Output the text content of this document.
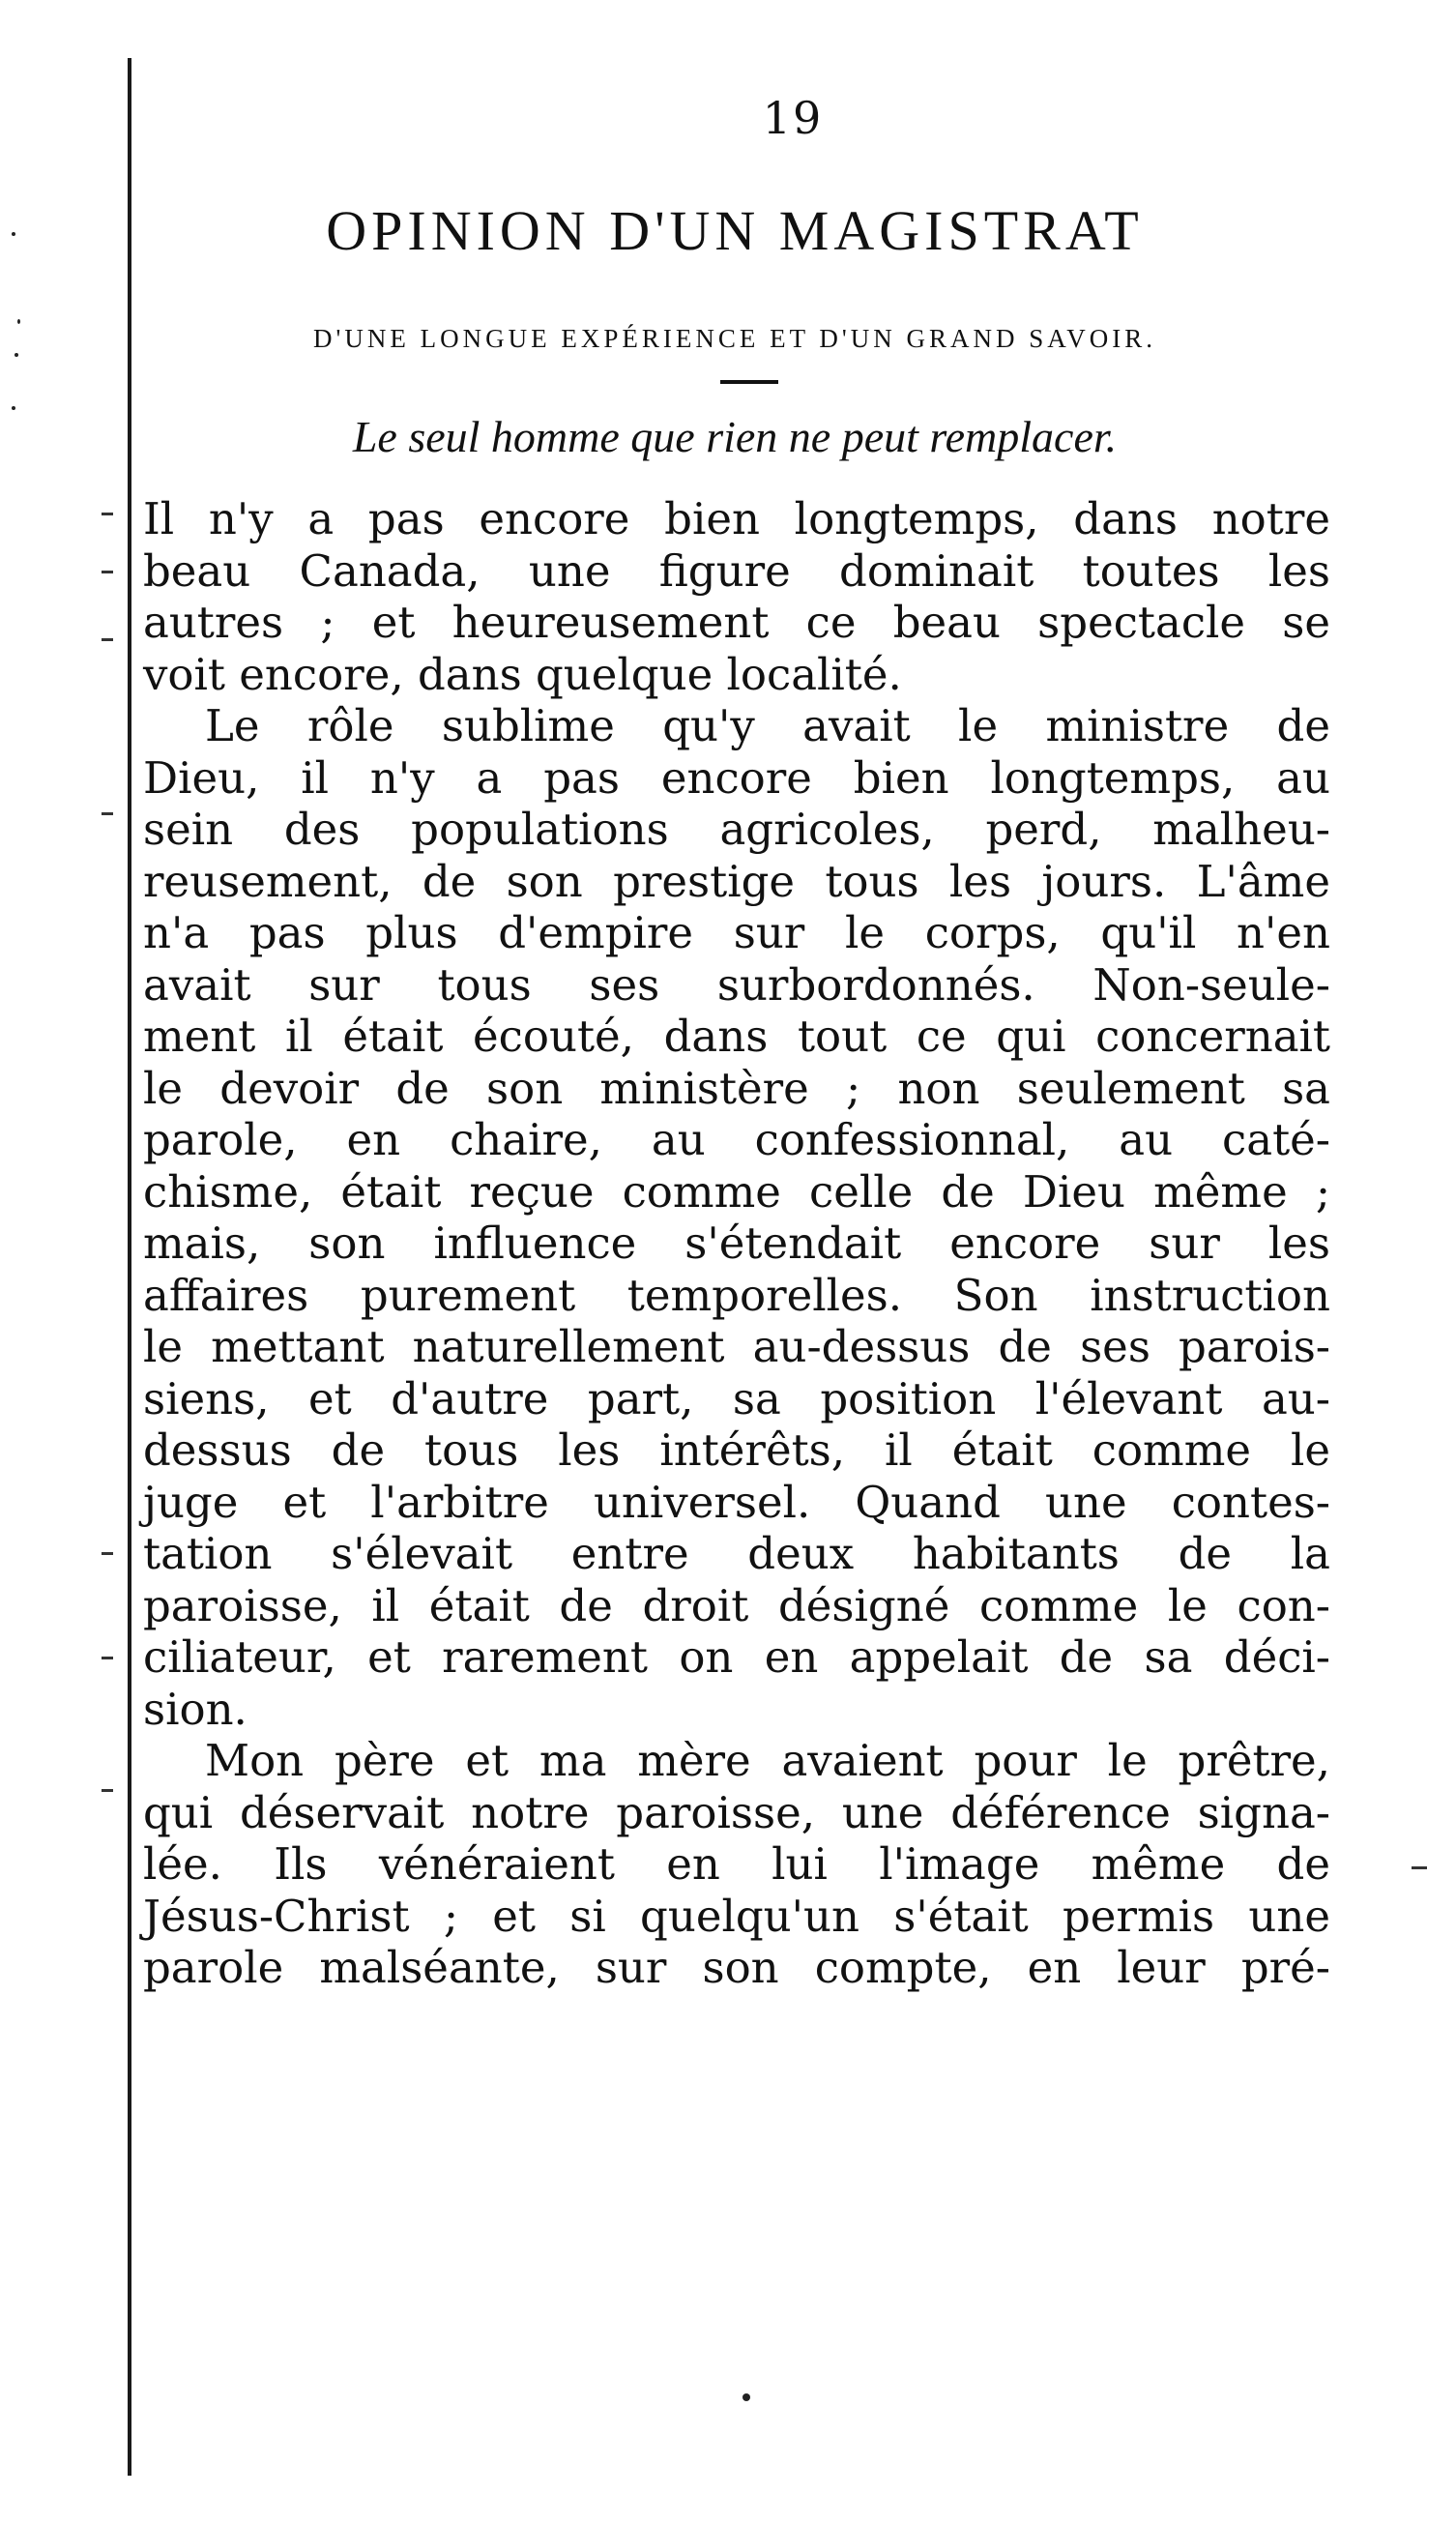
19
OPINION D'UN MAGISTRAT
D'UNE LONGUE EXPÉRIENCE ET D'UN GRAND SAVOIR.
Le seul homme que rien ne peut remplacer.
Il n'y a pas encore bien longtemps, dans notre
beau Canada, une figure dominait toutes les
autres ; et heureusement ce beau spectacle se
voit encore, dans quelque localité.
Le rôle sublime qu'y avait le ministre de
Dieu, il n'y a pas encore bien longtemps, au
sein des populations agricoles, perd, malheu-
reusement, de son prestige tous les jours. L'âme
n'a pas plus d'empire sur le corps, qu'il n'en
avait sur tous ses surbordonnés. Non-seule-
ment il était écouté, dans tout ce qui concernait
le devoir de son ministère ; non seulement sa
parole, en chaire, au confessionnal, au caté-
chisme, était reçue comme celle de Dieu même ;
mais, son influence s'étendait encore sur les
affaires purement temporelles. Son instruction
le mettant naturellement au-dessus de ses parois-
siens, et d'autre part, sa position l'élevant au-
dessus de tous les intérêts, il était comme le
juge et l'arbitre universel. Quand une contes-
tation s'élevait entre deux habitants de la
paroisse, il était de droit désigné comme le con-
ciliateur, et rarement on en appelait de sa déci-
sion.
Mon père et ma mère avaient pour le prêtre,
qui déservait notre paroisse, une déférence signa-
lée. Ils vénéraient en lui l'image même de
Jésus-Christ ; et si quelqu'un s'était permis une
parole malséante, sur son compte, en leur pré-
